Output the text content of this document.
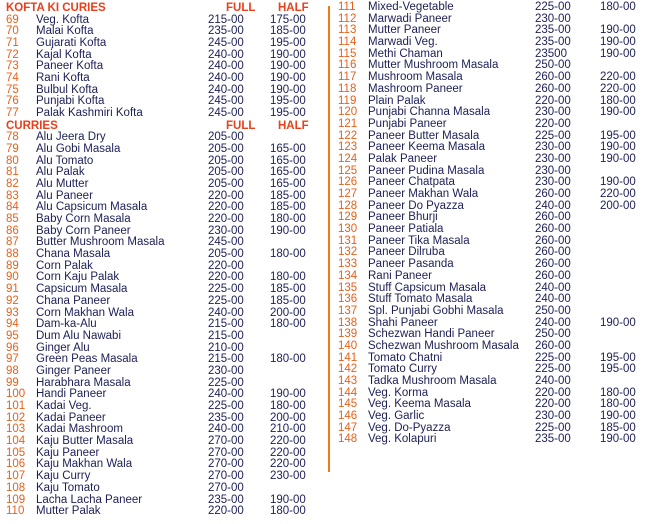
KOFTA KI CURIES	FULL HALF
69 Veg. Kofta	215-00 175-00
70 Malai Kofta	235-00 185-00
71 Gujarati Kofta	245-00 195-00
72 Kajal Kofta	240-00 190-00
73 Paneer Kofta	240-00 190-00
74 Rani Kofta	240-00 190-00
75 Bulbul Kofta	240-00 190-00
76 Punjabi Kofta	245-00 195-00
77 Palak Kashmiri Kofta	245-00 195-00
CURRIES	FULL HALF
78 Alu Jeera Dry	205-00
79 Alu Gobi Masala	205-00 165-00
80 Alu Tomato	205-00 165-00
81 Alu Palak	205-00 165-00
82 Alu Mutter	205-00 165-00
83 Alu Paneer	220-00 185-00
84 Alu Capsicum Masala	220-00 185-00
85 Baby Corn Masala	220-00 180-00
86 Baby Corn Paneer	230-00 190-00
87 Butter Mushroom Masala	245-00
88 Chana Masala	205-00 180-00
89 Corn Palak	220-00
90 Corn Kaju Palak	220-00 180-00
91 Capsicum Masala	225-00 185-00
92 Chana Paneer	225-00 185-00
93 Corn Makhan Wala	240-00 200-00
94 Dam-ka-Alu	215-00 180-00
95 Dum Alu Nawabi	215-00
96 Ginger Alu	210-00
97 Green Peas Masala	215-00 180-00
98 Ginger Paneer	230-00
99 Harabhara Masala	225-00
100 Handi Paneer	240-00 190-00
101 Kadai Veg.	225-00 180-00
102 Kadai Paneer	235-00 200-00
103 Kadai Mashroom	240-00 210-00
104 Kaju Butter Masala	270-00 220-00
105 Kaju Paneer	270-00 220-00
106 Kaju Makhan Wala	270-00 220-00
107 Kaju Curry	270-00 230-00
108 Kaju Tomato	270-00
109 Lacha Lacha Paneer	235-00 190-00
110 Mutter Palak	220-00 180-00
111 Mixed-Vegetable	225-00	180-00
112 Marwadi Paneer	230-00
113 Mutter Paneer	235-00	190-00
114 Marwadi Veg.	235-00	190-00
115 Methi Chaman	23500	190-00
116 Mutter Mushroom Masala	250-00
117 Mushroom Masala	260-00	220-00
118 Mashroom Paneer	260-00	220-00
119 Plain Palak	220-00	180-00
120 Punjabi Channa Masala	230-00	190-00
121 Punjabi Paneer	220-00
122 Paneer Butter Masala	225-00	195-00
123 Paneer Keema Masala	230-00	190-00
124 Palak Paneer	230-00	190-00
125 Paneer Pudina Masala	230-00
126 Paneer Chatpata	230-00	190-00
127 Paneer Makhan Wala	260-00	220-00
128 Paneer Do Pyazza	240-00	200-00
129 Paneer Bhurji	260-00
130 Paneer Patiala	260-00
131 Paneer Tika Masala	260-00
132 Paneer Dilruba	260-00
133 Paneer Pasanda	260-00
134 Rani Paneer	260-00
135 Stuff Capsicum Masala	240-00
136 Stuff Tomato Masala	240-00
137 Spl. Punjabi Gobhi Masala	250-00
138 Shahi Paneer	240-00	190-00
139 Schezwan Handi Paneer	250-00
140 Schezwan Mushroom Masala 260-00
141 Tomato Chatni	225-00	195-00
142 Tomato Curry	225-00	195-00
143 Tadka Mushroom Masala	240-00
144 Veg. Korma	220-00	180-00
145 Veg. Keema Masala	220-00	180-00
146 Veg. Garlic	230-00	190-00
147 Veg. Do-Pyazza	225-00	185-00
148 Veg. Kolapuri	235-00	190-00
